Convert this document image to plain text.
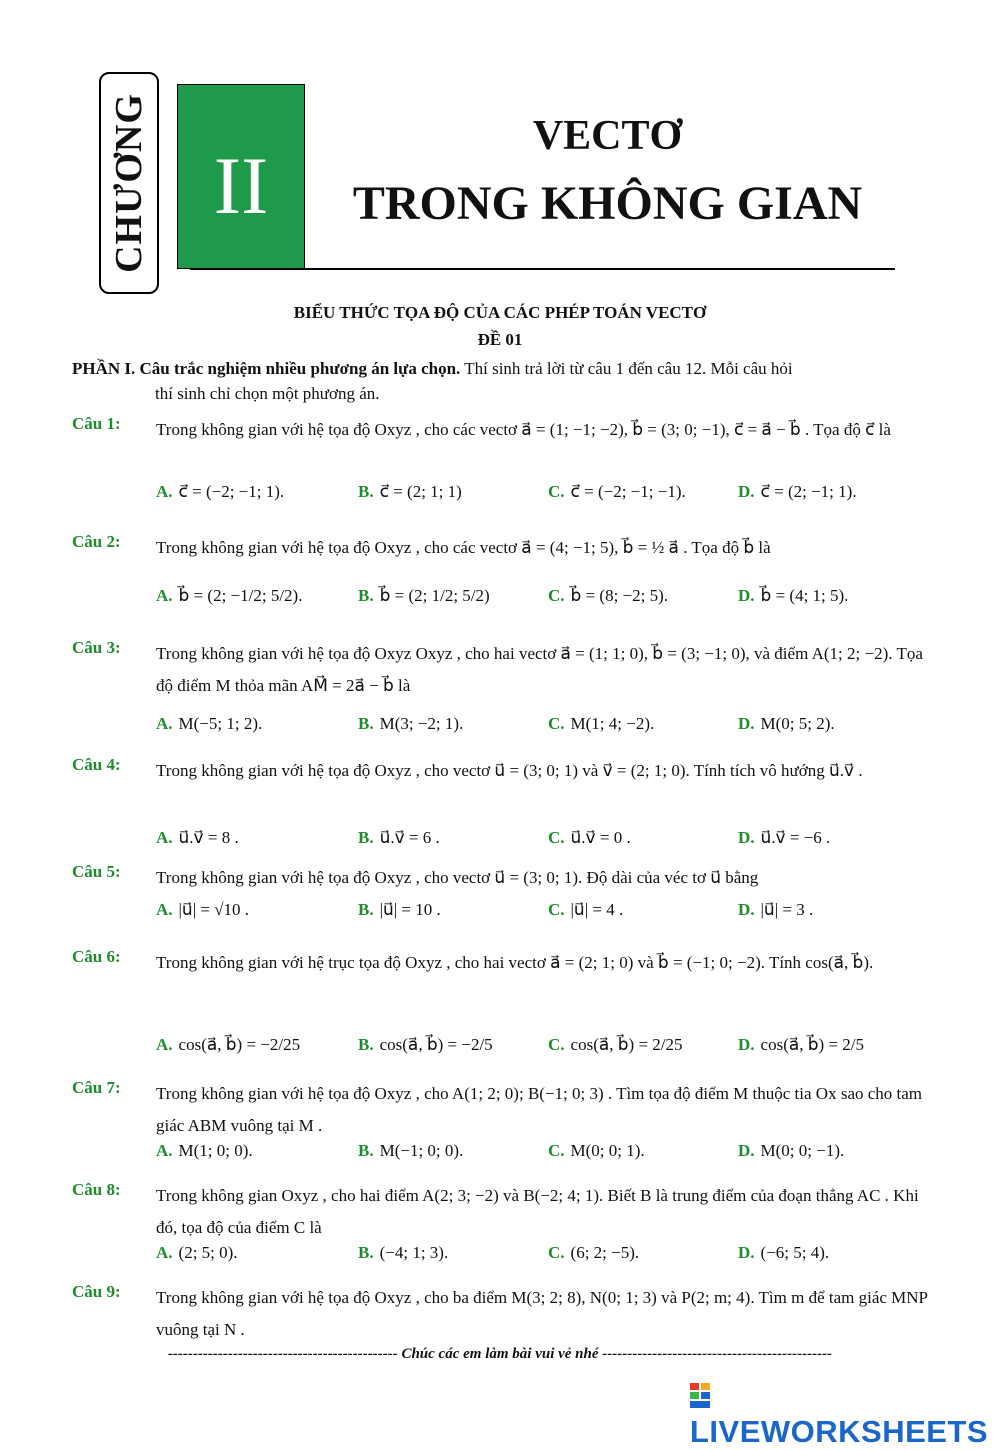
CHƯƠNG II
VECTƠ
TRONG KHÔNG GIAN
BIỂU THỨC TỌA ĐỘ CỦA CÁC PHÉP TOÁN VECTƠ
ĐỀ 01
PHẦN I. Câu trắc nghiệm nhiều phương án lựa chọn. Thí sinh trả lời từ câu 1 đến câu 12. Mỗi câu hỏi
thí sinh chỉ chọn một phương án.
Câu 1:	Trong không gian với hệ tọa độ Oxyz , cho các vectơ a⃗ = (1; −1; −2), b⃗ = (3; 0; −1), c⃗ = a⃗ − b⃗ . Tọa độ c⃗ là
A. c⃗ = (−2; −1; 1).	B. c⃗ = (2; 1; 1)	C. c⃗ = (−2; −1; −1).	D. c⃗ = (2; −1; 1).
Câu 2:	Trong không gian với hệ tọa độ Oxyz , cho các vectơ a⃗ = (4; −1; 5), b⃗ = ½ a⃗ . Tọa độ b⃗ là
A. b⃗ = (2; −1/2; 5/2).	B. b⃗ = (2; 1/2; 5/2)	C. b⃗ = (8; −2; 5).	D. b⃗ = (4; 1; 5).
Câu 3:	Trong không gian với hệ tọa độ Oxyz Oxyz , cho hai vectơ a⃗ = (1; 1; 0), b⃗ = (3; −1; 0), và điểm A(1; 2; −2). Tọa độ điểm M thỏa mãn AM⃗ = 2a⃗ − b⃗ là
A. M(−5; 1; 2).	B. M(3; −2; 1).	C. M(1; 4; −2).	D. M(0; 5; 2).
Câu 4:	Trong không gian với hệ tọa độ Oxyz , cho vectơ u⃗ = (3; 0; 1) và v⃗ = (2; 1; 0). Tính tích vô hướng u⃗.v⃗ .
A. u⃗.v⃗ = 8 .	B. u⃗.v⃗ = 6 .	C. u⃗.v⃗ = 0 .	D. u⃗.v⃗ = −6 .
Câu 5:	Trong không gian với hệ tọa độ Oxyz , cho vectơ u⃗ = (3; 0; 1). Độ dài của véc tơ u⃗ bằng
A. |u⃗| = √10 .	B. |u⃗| = 10 .	C. |u⃗| = 4 .	D. |u⃗| = 3 .
Câu 6:	Trong không gian với hệ trục tọa độ Oxyz , cho hai vectơ a⃗ = (2; 1; 0) và b⃗ = (−1; 0; −2). Tính cos(a⃗, b⃗).
A. cos(a⃗, b⃗) = −2/25	B. cos(a⃗, b⃗) = −2/5	C. cos(a⃗, b⃗) = 2/25	D. cos(a⃗, b⃗) = 2/5
Câu 7:	Trong không gian với hệ tọa độ Oxyz , cho A(1; 2; 0); B(−1; 0; 3) . Tìm tọa độ điểm M thuộc tia Ox sao cho tam giác ABM vuông tại M .
A. M(1; 0; 0).	B. M(−1; 0; 0).	C. M(0; 0; 1).	D. M(0; 0; −1).
Câu 8:	Trong không gian Oxyz , cho hai điểm A(2; 3; −2) và B(−2; 4; 1). Biết B là trung điểm của đoạn thẳng AC . Khi đó, tọa độ của điểm C là
A. (2; 5; 0).	B. (−4; 1; 3).	C. (6; 2; −5).	D. (−6; 5; 4).
Câu 9:	Trong không gian với hệ tọa độ Oxyz , cho ba điểm M(3; 2; 8), N(0; 1; 3) và P(2; m; 4). Tìm m để tam giác MNP vuông tại N .
---------------------------------------------- Chúc các em làm bài vui vẻ nhé ----------------------------------------------
LIVEWORKSHEETS
